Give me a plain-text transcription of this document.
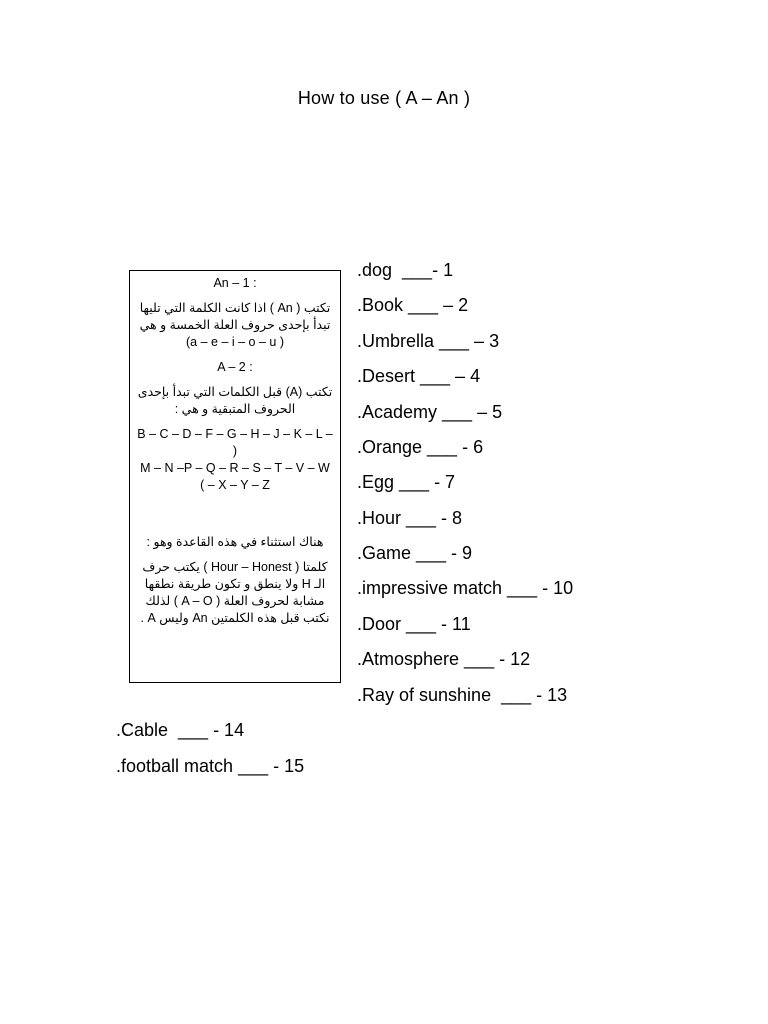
How to use ( A – An )
: An – 1
تكتب ( An ) اذا كانت الكلمة التي تليها تبدأ بإحدى حروف العلة الخمسة و هي ( a – e – i – o – u)
: A – 2
تكتب (A) قبل الكلمات التي تبدأ بإحدى الحروف المتبقية و هي :
B – C – D – F – G – H – J – K – L – )
M – N –P – Q – R – S – T – V – W
( – X – Y – Z
هناك استثناء في هذه القاعدة وهو :
كلمتا ( Hour – Honest ) يكتب حرف الـ H ولا ينطق و تكون طريقة نطقها مشابة لحروف العلة ( A – O ) لذلك نكتب قبل هذه الكلمتين An وليس A .
.dog  ___- 1
.Book ___ – 2
.Umbrella ___ – 3
.Desert ___ – 4
.Academy ___ – 5
.Orange ___ - 6
.Egg ___ - 7
.Hour ___ - 8
.Game ___ - 9
.impressive match ___ - 10
.Door ___ - 11
.Atmosphere ___ - 12
.Ray of sunshine  ___ - 13
.Cable  ___ - 14
.football match ___ - 15
